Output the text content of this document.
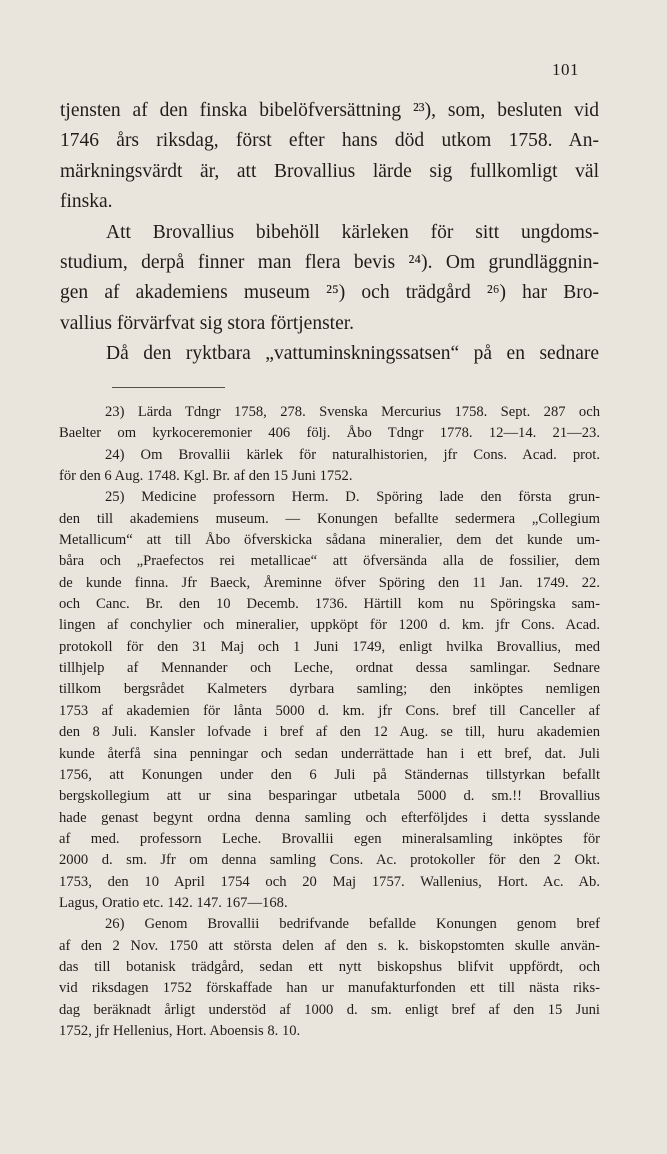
101
tjensten af den finska bibelöfversättning ²³), som, besluten vid
1746 års riksdag, först efter hans död utkom 1758. An-
märkningsvärdt är, att Brovallius lärde sig fullkomligt väl
finska.
Att Brovallius bibehöll kärleken för sitt ungdoms-
studium, derpå finner man flera bevis ²⁴). Om grundläggnin-
gen af akademiens museum ²⁵) och trädgård ²⁶) har Bro-
vallius förvärfvat sig stora förtjenster.
Då den ryktbara „vattuminskningssatsen“ på en sednare
23) Lärda Tdngr 1758, 278. Svenska Mercurius 1758. Sept. 287 och
Baelter om kyrkoceremonier 406 följ. Åbo Tdngr 1778. 12—14. 21—23.
24) Om Brovallii kärlek för naturalhistorien, jfr Cons. Acad. prot.
för den 6 Aug. 1748. Kgl. Br. af den 15 Juni 1752.
25) Medicine professorn Herm. D. Spöring lade den första grun-
den till akademiens museum. — Konungen befallte sedermera „Collegium
Metallicum“ att till Åbo öfverskicka sådana mineralier, dem det kunde um-
båra och „Praefectos rei metallicae“ att öfversända alla de fossilier, dem
de kunde finna. Jfr Baeck, Åreminne öfver Spöring den 11 Jan. 1749. 22.
och Canc. Br. den 10 Decemb. 1736. Härtill kom nu Spöringska sam-
lingen af conchylier och mineralier, uppköpt för 1200 d. km. jfr Cons. Acad.
protokoll för den 31 Maj och 1 Juni 1749, enligt hvilka Brovallius, med
tillhjelp af Mennander och Leche, ordnat dessa samlingar. Sednare
tillkom bergsrådet Kalmeters dyrbara samling; den inköptes nemligen
1753 af akademien för lånta 5000 d. km. jfr Cons. bref till Canceller af
den 8 Juli. Kansler lofvade i bref af den 12 Aug. se till, huru akademien
kunde återfå sina penningar och sedan underrättade han i ett bref, dat. Juli
1756, att Konungen under den 6 Juli på Ständernas tillstyrkan befallt
bergskollegium att ur sina besparingar utbetala 5000 d. sm.!! Brovallius
hade genast begynt ordna denna samling och efterföljdes i detta sysslande
af med. professorn Leche. Brovallii egen mineralsamling inköptes för
2000 d. sm. Jfr om denna samling Cons. Ac. protokoller för den 2 Okt.
1753, den 10 April 1754 och 20 Maj 1757. Wallenius, Hort. Ac. Ab.
Lagus, Oratio etc. 142. 147. 167—168.
26) Genom Brovallii bedrifvande befallde Konungen genom bref
af den 2 Nov. 1750 att största delen af den s. k. biskopstomten skulle använ-
das till botanisk trädgård, sedan ett nytt biskopshus blifvit uppfördt, och
vid riksdagen 1752 förskaffade han ur manufakturfonden ett till nästa riks-
dag beräknadt årligt understöd af 1000 d. sm. enligt bref af den 15 Juni
1752, jfr Hellenius, Hort. Aboensis 8. 10.
